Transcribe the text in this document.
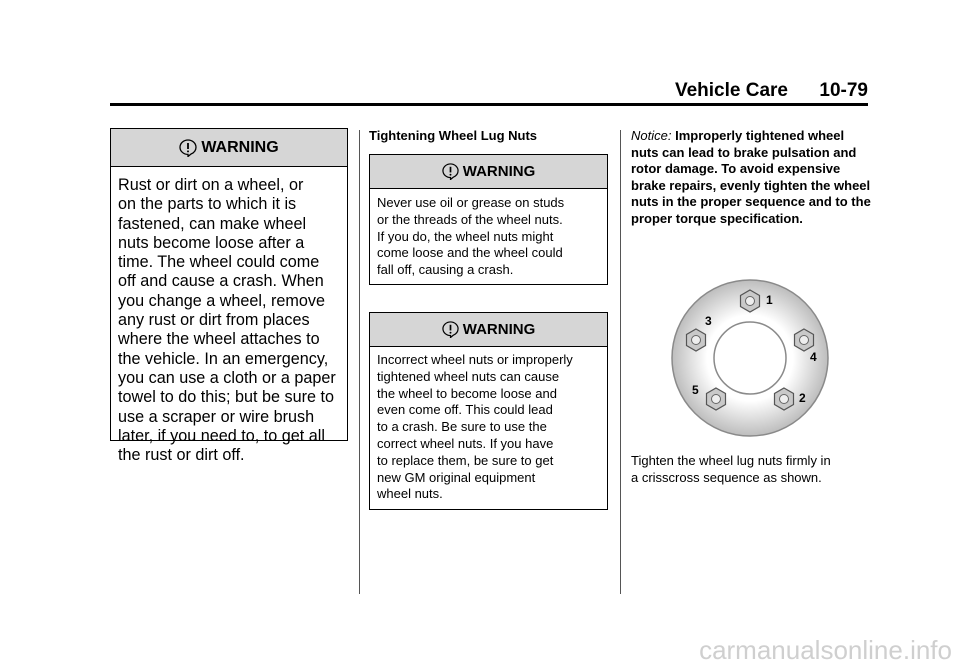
Vehicle Care 10-79
WARNING

Rust or dirt on a wheel, or
on the parts to which it is
fastened, can make wheel
nuts become loose after a
time. The wheel could come
off and cause a crash. When
you change a wheel, remove
any rust or dirt from places
where the wheel attaches to
the vehicle. In an emergency,
you can use a cloth or a paper
towel to do this; but be sure to
use a scraper or wire brush
later, if you need to, to get all
the rust or dirt off.

Tightening Wheel Lug Nuts
WARNING

Never use oil or grease on studs
or the threads of the wheel nuts.
If you do, the wheel nuts might
come loose and the wheel could
fall off, causing a crash.

WARNING

Incorrect wheel nuts or improperly
tightened wheel nuts can cause
the wheel to become loose and
even come off. This could lead
to a crash. Be sure to use the
correct wheel nuts. If you have
to replace them, be sure to get
new GM original equipment
wheel nuts.

Notice: Improperly tightened wheel nuts can lead to brake pulsation and rotor damage. To avoid expensive brake repairs, evenly tighten the wheel nuts in the proper sequence and to the proper torque specification.
1
2
3
4
5
Tighten the wheel lug nuts firmly in
a crisscross sequence as shown.
carmanualsonline.info
